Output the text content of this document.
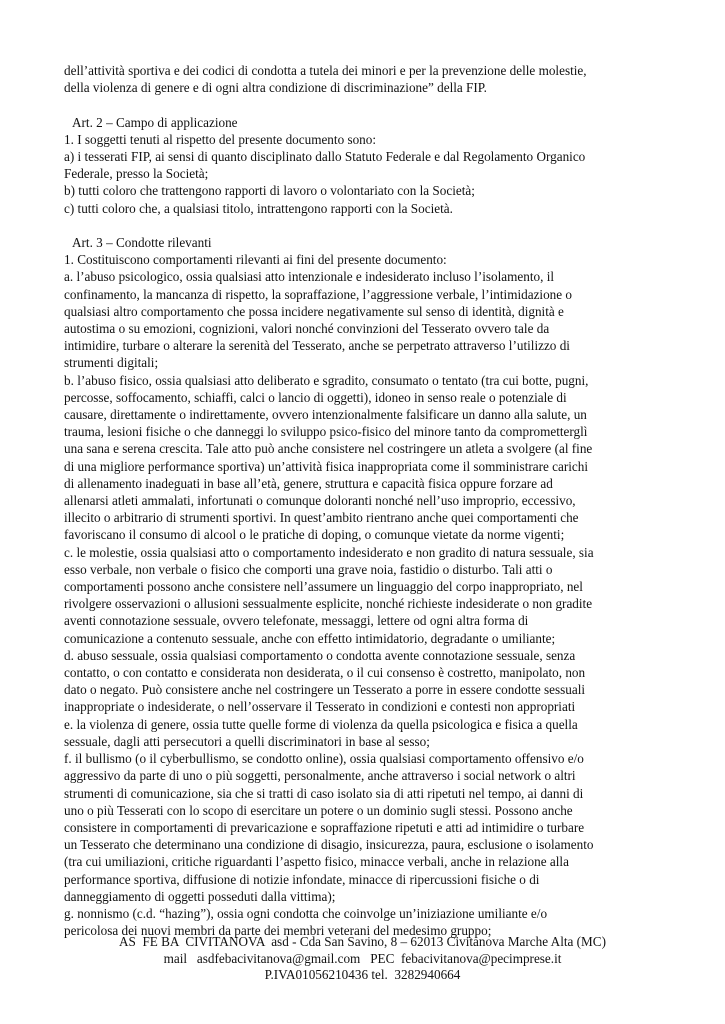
dell’attività sportiva e dei codici di condotta a tutela dei minori e per la prevenzione delle molestie,
della violenza di genere e di ogni altra condizione di discriminazione” della FIP.
Art. 2 – Campo di applicazione
1. I soggetti tenuti al rispetto del presente documento sono:
a) i tesserati FIP, ai sensi di quanto disciplinato dallo Statuto Federale e dal Regolamento Organico
Federale, presso la Società;
b) tutti coloro che trattengono rapporti di lavoro o volontariato con la Società;
c) tutti coloro che, a qualsiasi titolo, intrattengono rapporti con la Società.
Art. 3 – Condotte rilevanti
1. Costituiscono comportamenti rilevanti ai fini del presente documento:
a. l’abuso psicologico, ossia qualsiasi atto intenzionale e indesiderato incluso l’isolamento, il
confinamento, la mancanza di rispetto, la sopraffazione, l’aggressione verbale, l’intimidazione o
qualsiasi altro comportamento che possa incidere negativamente sul senso di identità, dignità e
autostima o su emozioni, cognizioni, valori nonché convinzioni del Tesserato ovvero tale da
intimidire, turbare o alterare la serenità del Tesserato, anche se perpetrato attraverso l’utilizzo di
strumenti digitali;
b. l’abuso fisico, ossia qualsiasi atto deliberato e sgradito, consumato o tentato (tra cui botte, pugni,
percosse, soffocamento, schiaffi, calci o lancio di oggetti), idoneo in senso reale o potenziale di
causare, direttamente o indirettamente, ovvero intenzionalmente falsificare un danno alla salute, un
trauma, lesioni fisiche o che danneggi lo sviluppo psico-fisico del minore tanto da comprometterglì
una sana e serena crescita. Tale atto può anche consistere nel costringere un atleta a svolgere (al fine
di una migliore performance sportiva) un’attività fisica inappropriata come il somministrare carichi
di allenamento inadeguati in base all’età, genere, struttura e capacità fisica oppure forzare ad
allenarsi atleti ammalati, infortunati o comunque doloranti nonché nell’uso improprio, eccessivo,
illecito o arbitrario di strumenti sportivi. In quest’ambito rientrano anche quei comportamenti che
favoriscano il consumo di alcool o le pratiche di doping, o comunque vietate da norme vigenti;
c. le molestie, ossia qualsiasi atto o comportamento indesiderato e non gradito di natura sessuale, sia
esso verbale, non verbale o fisico che comporti una grave noia, fastidio o disturbo. Tali atti o
comportamenti possono anche consistere nell’assumere un linguaggio del corpo inappropriato, nel
rivolgere osservazioni o allusioni sessualmente esplicite, nonché richieste indesiderate o non gradite
aventi connotazione sessuale, ovvero telefonate, messaggi, lettere od ogni altra forma di
comunicazione a contenuto sessuale, anche con effetto intimidatorio, degradante o umiliante;
d. abuso sessuale, ossia qualsiasi comportamento o condotta avente connotazione sessuale, senza
contatto, o con contatto e considerata non desiderata, o il cui consenso è costretto, manipolato, non
dato o negato. Può consistere anche nel costringere un Tesserato a porre in essere condotte sessuali
inappropriate o indesiderate, o nell’osservare il Tesserato in condizioni e contesti non appropriati
e. la violenza di genere, ossia tutte quelle forme di violenza da quella psicologica e fisica a quella
sessuale, dagli atti persecutori a quelli discriminatori in base al sesso;
f. il bullismo (o il cyberbullismo, se condotto online), ossia qualsiasi comportamento offensivo e/o
aggressivo da parte di uno o più soggetti, personalmente, anche attraverso i social network o altri
strumenti di comunicazione, sia che si tratti di caso isolato sia di atti ripetuti nel tempo, ai danni di
uno o più Tesserati con lo scopo di esercitare un potere o un dominio sugli stessi. Possono anche
consistere in comportamenti di prevaricazione e sopraffazione ripetuti e atti ad intimidire o turbare
un Tesserato che determinano una condizione di disagio, insicurezza, paura, esclusione o isolamento
(tra cui umiliazioni, critiche riguardanti l’aspetto fisico, minacce verbali, anche in relazione alla
performance sportiva, diffusione di notizie infondate, minacce di ripercussioni fisiche o di
danneggiamento di oggetti posseduti dalla vittima);
g. nonnismo (c.d. “hazing”), ossia ogni condotta che coinvolge un’iniziazione umiliante e/o
pericolosa dei nuovi membri da parte dei membri veterani del medesimo gruppo;
AS  FE BA  CIVITANOVA  asd - Cda San Savino, 8 – 62013 Civitanova Marche Alta (MC)
mail   asdfebacivitanova@gmail.com   PEC  febacivitanova@pecimprese.it
P.IVA01056210436 tel.  3282940664
